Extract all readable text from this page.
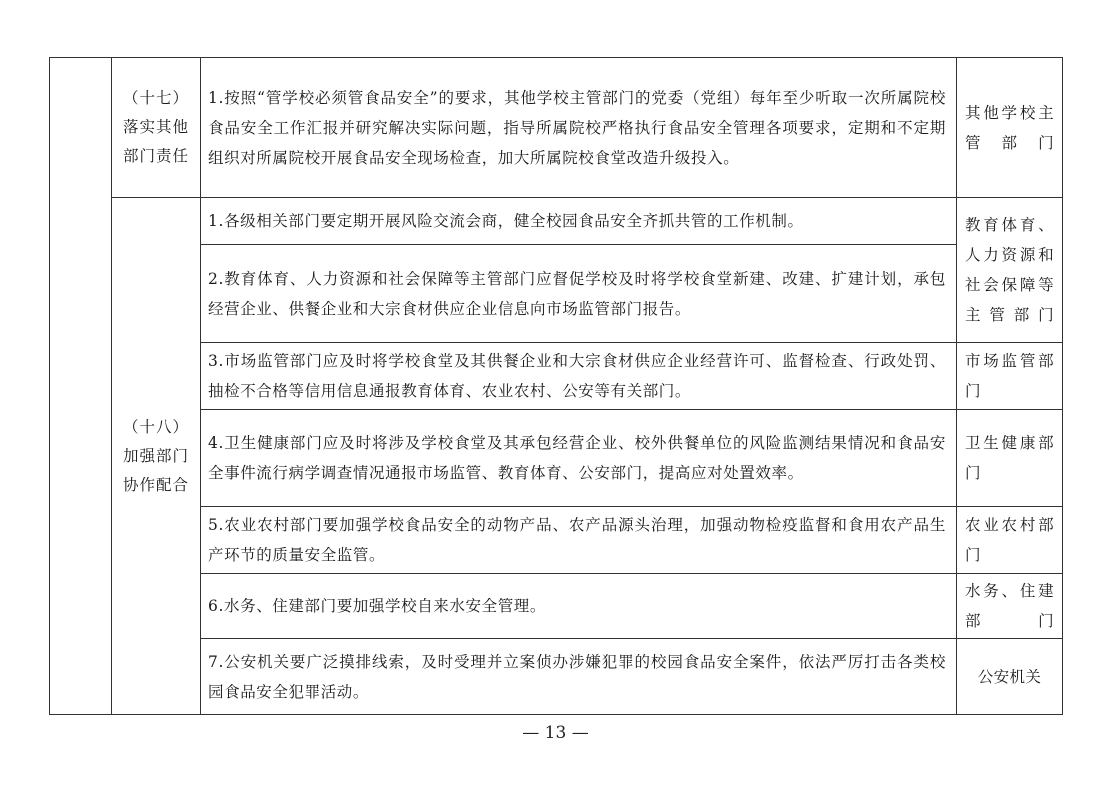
	（十七）
落实其他
部门责任	1.按照“管学校必须管食品安全”的要求，其他学校主管部门的党委（党组）每年至少听取一次所属院校食品安全工作汇报并研究解决实际问题，指导所属院校严格执行食品安全管理各项要求，定期和不定期组织对所属院校开展食品安全现场检查，加大所属院校食堂改造升级投入。	其他学校主管部门

	（十八）
加强部门
协作配合	1.各级相关部门要定期开展风险交流会商，健全校园食品安全齐抓共管的工作机制。	教育体育、人力资源和社会保障等主管部门
		2.教育体育、人力资源和社会保障等主管部门应督促学校及时将学校食堂新建、改建、扩建计划，承包经营企业、供餐企业和大宗食材供应企业信息向市场监管部门报告。	
		3.市场监管部门应及时将学校食堂及其供餐企业和大宗食材供应企业经营许可、监督检查、行政处罚、抽检不合格等信用信息通报教育体育、农业农村、公安等有关部门。	市场监管部门
		4.卫生健康部门应及时将涉及学校食堂及其承包经营企业、校外供餐单位的风险监测结果情况和食品安全事件流行病学调查情况通报市场监管、教育体育、公安部门，提高应对处置效率。	卫生健康部门
		5.农业农村部门要加强学校食品安全的动物产品、农产品源头治理，加强动物检疫监督和食用农产品生产环节的质量安全监管。	农业农村部门
		6.水务、住建部门要加强学校自来水安全管理。	水务、住建部门
		7.公安机关要广泛摸排线索，及时受理并立案侦办涉嫌犯罪的校园食品安全案件，依法严厉打击各类校园食品安全犯罪活动。	公安机关
— 13 —
